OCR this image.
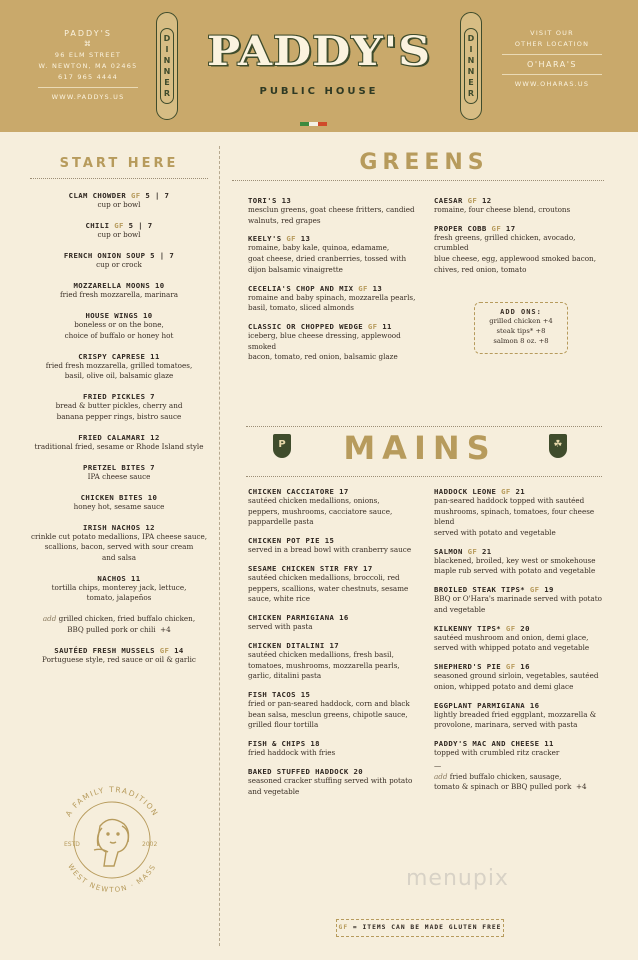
PADDY'S
⌘
96 ELM STREET
W. NEWTON, MA 02465
617 965 4444
WWW.PADDYS.US
D
I
N
N
E
R
PADDY'S
PUBLIC HOUSE
D
I
N
N
E
R
VISIT OUR
OTHER LOCATION
O'HARA'S
WWW.OHARAS.US
START HERE
CLAM CHOWDER GF 5 | 7
cup or bowl
CHILI GF 5 | 7
cup or bowl
FRENCH ONION SOUP 5 | 7
cup or crock
MOZZARELLA MOONS 10
fried fresh mozzarella, marinara
HOUSE WINGS 10
boneless or on the bone,
choice of buffalo or honey hot
CRISPY CAPRESE 11
fried fresh mozzarella, grilled tomatoes,
basil, olive oil, balsamic glaze
FRIED PICKLES 7
bread & butter pickles, cherry and
banana pepper rings, bistro sauce
FRIED CALAMARI 12
traditional fried, sesame or Rhode Island style
PRETZEL BITES 7
IPA cheese sauce
CHICKEN BITES 10
honey hot, sesame sauce
IRISH NACHOS 12
crinkle cut potato medallions, IPA cheese sauce,
scallions, bacon, served with sour cream
and salsa
NACHOS 11
tortilla chips, monterey jack, lettuce,
tomato, jalapeños
add grilled chicken, fried buffalo chicken,
BBQ pulled pork or chili +4
SAUTÉED FRESH MUSSELS GF 14
Portuguese style, red sauce or oil & garlic
A FAMILY TRADITION
WEST NEWTON · MASS
ESTD	2002
GREENS
TORI'S 13
mesclun greens, goat cheese fritters, candied
walnuts, red grapes
KEELY'S GF 13
romaine, baby kale, quinoa, edamame,
goat cheese, dried cranberries, tossed with
dijon balsamic vinaigrette
CECELIA'S CHOP AND MIX GF 13
romaine and baby spinach, mozzarella pearls,
basil, tomato, sliced almonds
CLASSIC OR CHOPPED WEDGE GF 11
iceberg, blue cheese dressing, applewood smoked
bacon, tomato, red onion, balsamic glaze
CAESAR GF 12
romaine, four cheese blend, croutons
PROPER COBB GF 17
fresh greens, grilled chicken, avocado, crumbled
blue cheese, egg, applewood smoked bacon,
chives, red onion, tomato
ADD ONS:
grilled chicken +4
steak tips* +8
salmon 8 oz. +8
P	MAINS	☘
CHICKEN CACCIATORE 17
sautéed chicken medallions, onions,
peppers, mushrooms, cacciatore sauce,
pappardelle pasta
CHICKEN POT PIE 15
served in a bread bowl with cranberry sauce
SESAME CHICKEN STIR FRY 17
sautéed chicken medallions, broccoli, red
peppers, scallions, water chestnuts, sesame
sauce, white rice
CHICKEN PARMIGIANA 16
served with pasta
CHICKEN DITALINI 17
sautéed chicken medallions, fresh basil,
tomatoes, mushrooms, mozzarella pearls,
garlic, ditalini pasta
FISH TACOS 15
fried or pan-seared haddock, corn and black
bean salsa, mesclun greens, chipotle sauce,
grilled flour tortilla
FISH & CHIPS 18
fried haddock with fries
BAKED STUFFED HADDOCK 20
seasoned cracker stuffing served with potato
and vegetable
HADDOCK LEONE GF 21
pan-seared haddock topped with sautéed
mushrooms, spinach, tomatoes, four cheese blend
served with potato and vegetable
SALMON GF 21
blackened, broiled, key west or smokehouse
maple rub served with potato and vegetable
BROILED STEAK TIPS* GF 19
BBQ or O'Hara's marinade served with potato
and vegetable
KILKENNY TIPS* GF 20
sautéed mushroom and onion, demi glace,
served with whipped potato and vegetable
SHEPHERD'S PIE GF 16
seasoned ground sirloin, vegetables, sautéed
onion, whipped potato and demi glace
EGGPLANT PARMIGIANA 16
lightly breaded fried eggplant, mozzarella &
provolone, marinara, served with pasta
PADDY'S MAC AND CHEESE 11
topped with crumbled ritz cracker
—
add fried buffalo chicken, sausage,
tomato & spinach or BBQ pulled pork +4
menupix
GF = ITEMS CAN BE MADE GLUTEN FREE
